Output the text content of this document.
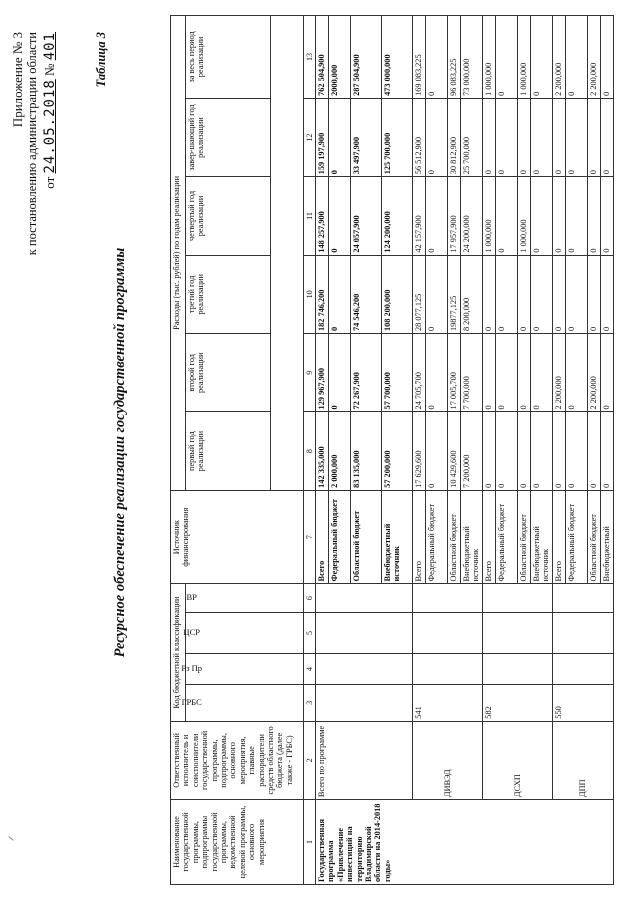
Приложение № 3 к постановлению администрации области от 24.05.2018 № 401	Таблица 3
Ресурсное обеспечение реализации государственной программы
Наименование государственной программы, подпрограммы государственной программы, ведомственной целевой программы, основного мероприятия	Ответственный исполнитель и соисполнители государственной программы, подпрограммы, основного мероприятия, главные распорядители средств областного бюджета (далее также - ГРБС)	Код бюджетной классификации				Источник финансирования	Расходы (тыс. рублей) по годам реализации					
		ГРБС	Рз Пр	ЦСР	ВР		первый год реализации	второй год реализации	третий год реализации	четвертый год реализации	завер-шающий год реализации	за весь период реализации

1	2	3	4	5	6	7	8	9	10	11	12	13
Государственная программа «Привлечение инвестиций на территорию Владимирской области на 2014-2018 годы»	Всего по программе					Всего	142 335,000	129 967,900	182 746,200	148 257,900	159 197,900	762 504,900
						Федеральный бюджет	2 000,000	0	0	0	0	2000,000
						Областной бюджет	83 135,000	72 267,900	74 546,200	24 057,900	33 497,900	287 504,900
						Внебюджетный источник	57 200,000	57 700,000	108 200,000	124 200,000	125 700,000	473 000,000
	ДИВЭД	541				Всего	17 629,600	24 705,700	28 077,125	42 157,900	56 512,900	169 083,225
						Федеральный бюджет	0	0	0	0	0	0
						Областной бюджет	10 429,600	17 005,700	19877,125	17 957,900	30 812,900	96 083,225
						Внебюджетный источник	7 200,000	7 700,000	8 200,000	24 200,000	25 700,000	73 000,000
	ДСХП	582				Всего	0	0	0	1 000,000	0	1 000,000
						Федеральный бюджет	0	0	0	0	0	0
						Областной бюджет	0	0	0	1 000,000	0	1 000,000
						Внебюджетный источник	0	0	0	0	0	0
	ДПП	550				Всего	0	2 200,000	0	0	0	2 200,000
						Федеральный бюджет	0	0	0	0	0	0
						Областной бюджет	0	2 200,000	0	0	0	2 200,000
						Внебюджетный	0	0	0	0	0	0
